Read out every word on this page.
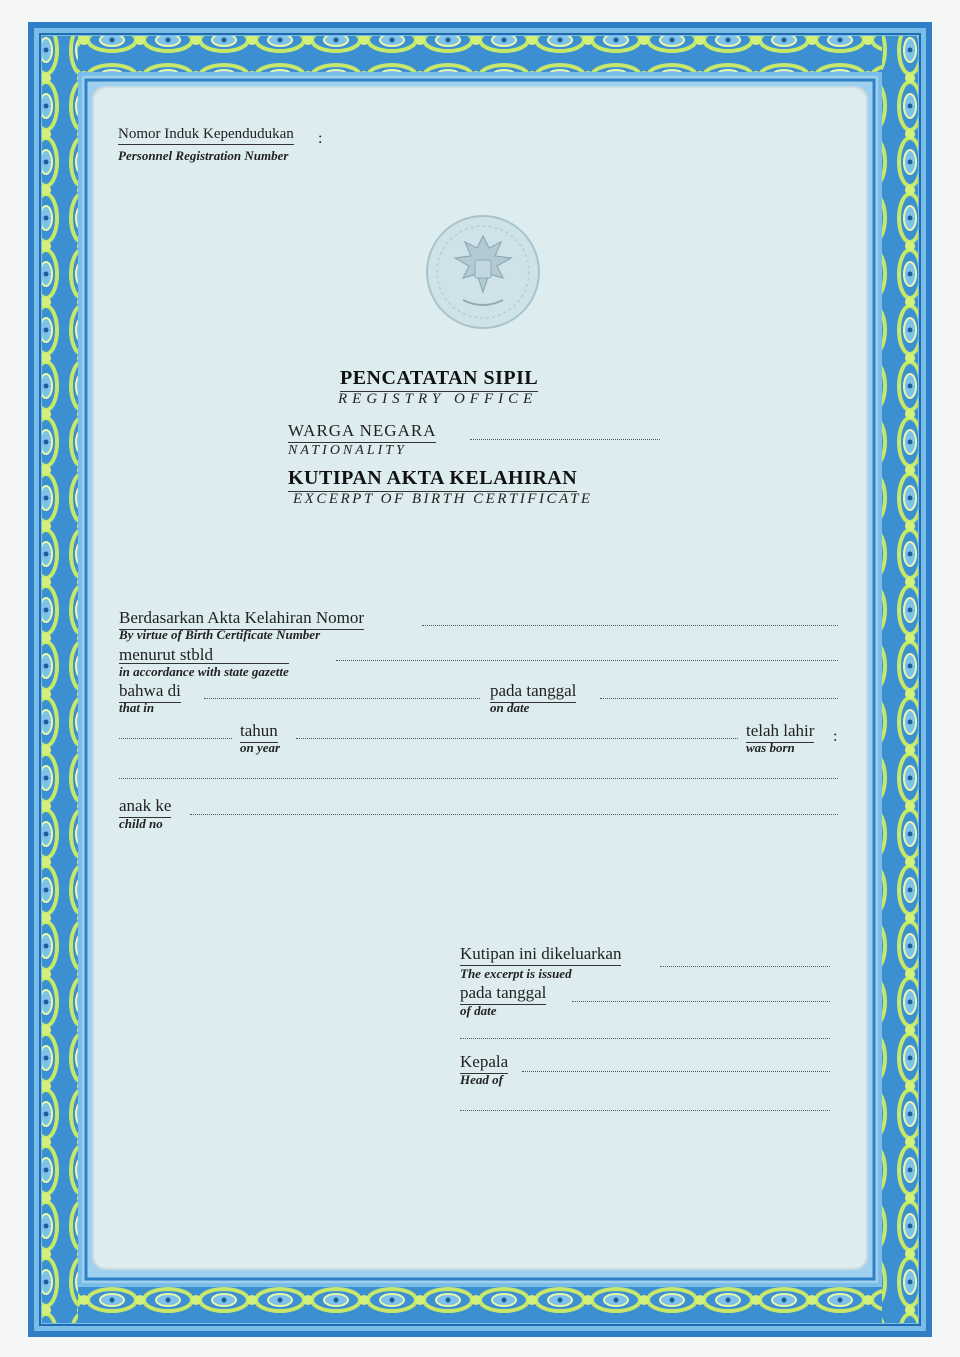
Nomor Induk Kependudukan :
Personnel Registration Number
PENCATATAN SIPIL
REGISTRY OFFICE
WARGA NEGARA
NATIONALITY
KUTIPAN AKTA KELAHIRAN
EXCERPT OF BIRTH CERTIFICATE
Berdasarkan Akta Kelahiran Nomor
By virtue of Birth Certificate Number
menurut stbld
in accordance with state gazette
bahwa di
that in
pada tanggal
on date
tahun
on year
telah lahir
was born
:
anak ke
child no
Kutipan ini dikeluarkan
The excerpt is issued
pada tanggal
of date
Kepala
Head of
